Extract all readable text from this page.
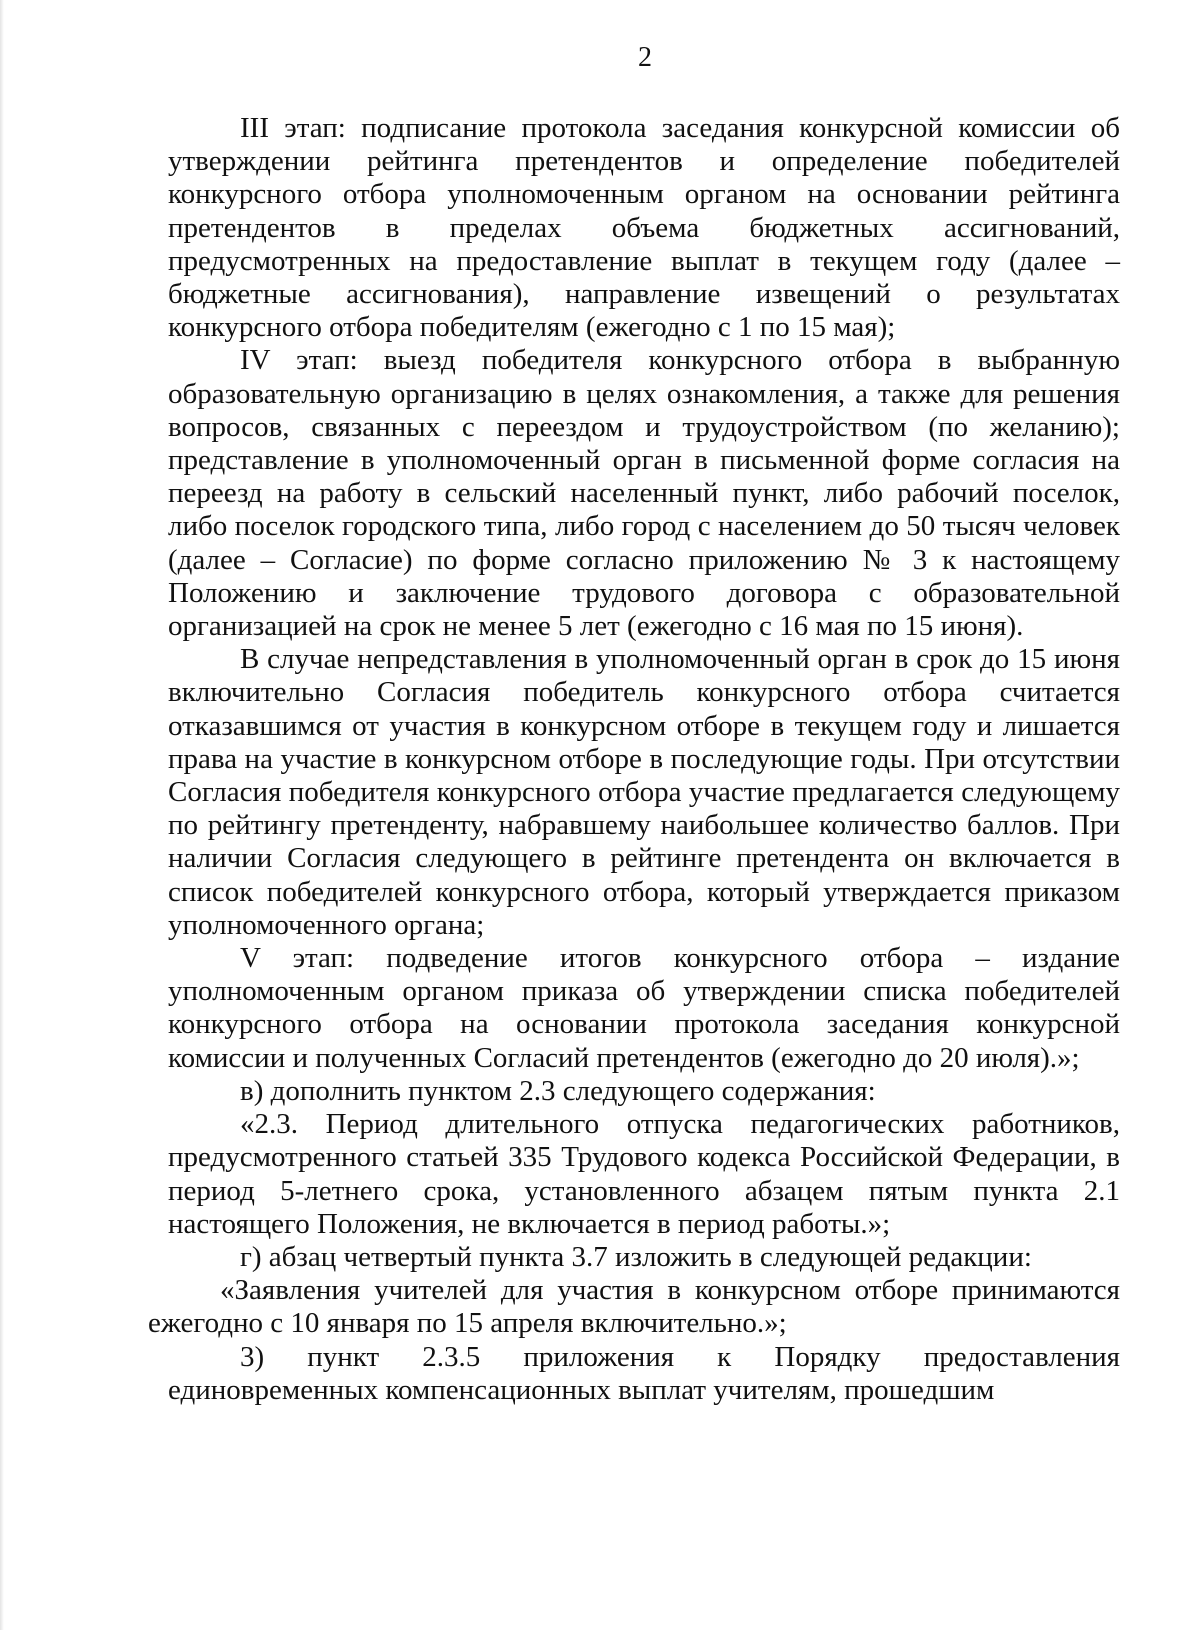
2

III этап: подписание протокола заседания конкурсной комиссии об утверждении рейтинга претендентов и определение победителей конкурсного отбора уполномоченным органом на основании рейтинга претендентов в пределах объема бюджетных ассигнований, предусмотренных на предоставление выплат в текущем году (далее – бюджетные ассигнования), направление извещений о результатах конкурсного отбора победителям (ежегодно с 1 по 15 мая);

IV этап: выезд победителя конкурсного отбора в выбранную образовательную организацию в целях ознакомления, а также для решения вопросов, связанных с переездом и трудоустройством (по желанию); представление в уполномоченный орган в письменной форме согласия на переезд на работу в сельский населенный пункт, либо рабочий поселок, либо поселок городского типа, либо город с населением до 50 тысяч человек (далее – Согласие) по форме согласно приложению № 3 к настоящему Положению и заключение трудового договора с образовательной организацией на срок не менее 5 лет (ежегодно с 16 мая по 15 июня).

В случае непредставления в уполномоченный орган в срок до 15 июня включительно Согласия победитель конкурсного отбора считается отказавшимся от участия в конкурсном отборе в текущем году и лишается права на участие в конкурсном отборе в последующие годы. При отсутствии Согласия победителя конкурсного отбора участие предлагается следующему по рейтингу претенденту, набравшему наибольшее количество баллов. При наличии Согласия следующего в рейтинге претендента он включается в список победителей конкурсного отбора, который утверждается приказом уполномоченного органа;

V этап: подведение итогов конкурсного отбора – издание уполномоченным органом приказа об утверждении списка победителей конкурсного отбора на основании протокола заседания конкурсной комиссии и полученных Согласий претендентов (ежегодно до 20 июля).»;

в) дополнить пунктом 2.3 следующего содержания:

«2.3. Период длительного отпуска педагогических работников, предусмотренного статьей 335 Трудового кодекса Российской Федерации, в период 5-летнего срока, установленного абзацем пятым пункта 2.1 настоящего Положения, не включается в период работы.»;

г) абзац четвертый пункта 3.7 изложить в следующей редакции:

«Заявления учителей для участия в конкурсном отборе принимаются ежегодно с 10 января по 15 апреля включительно.»;

3) пункт 2.3.5 приложения к Порядку предоставления единовременных компенсационных выплат учителям, прошедшим
